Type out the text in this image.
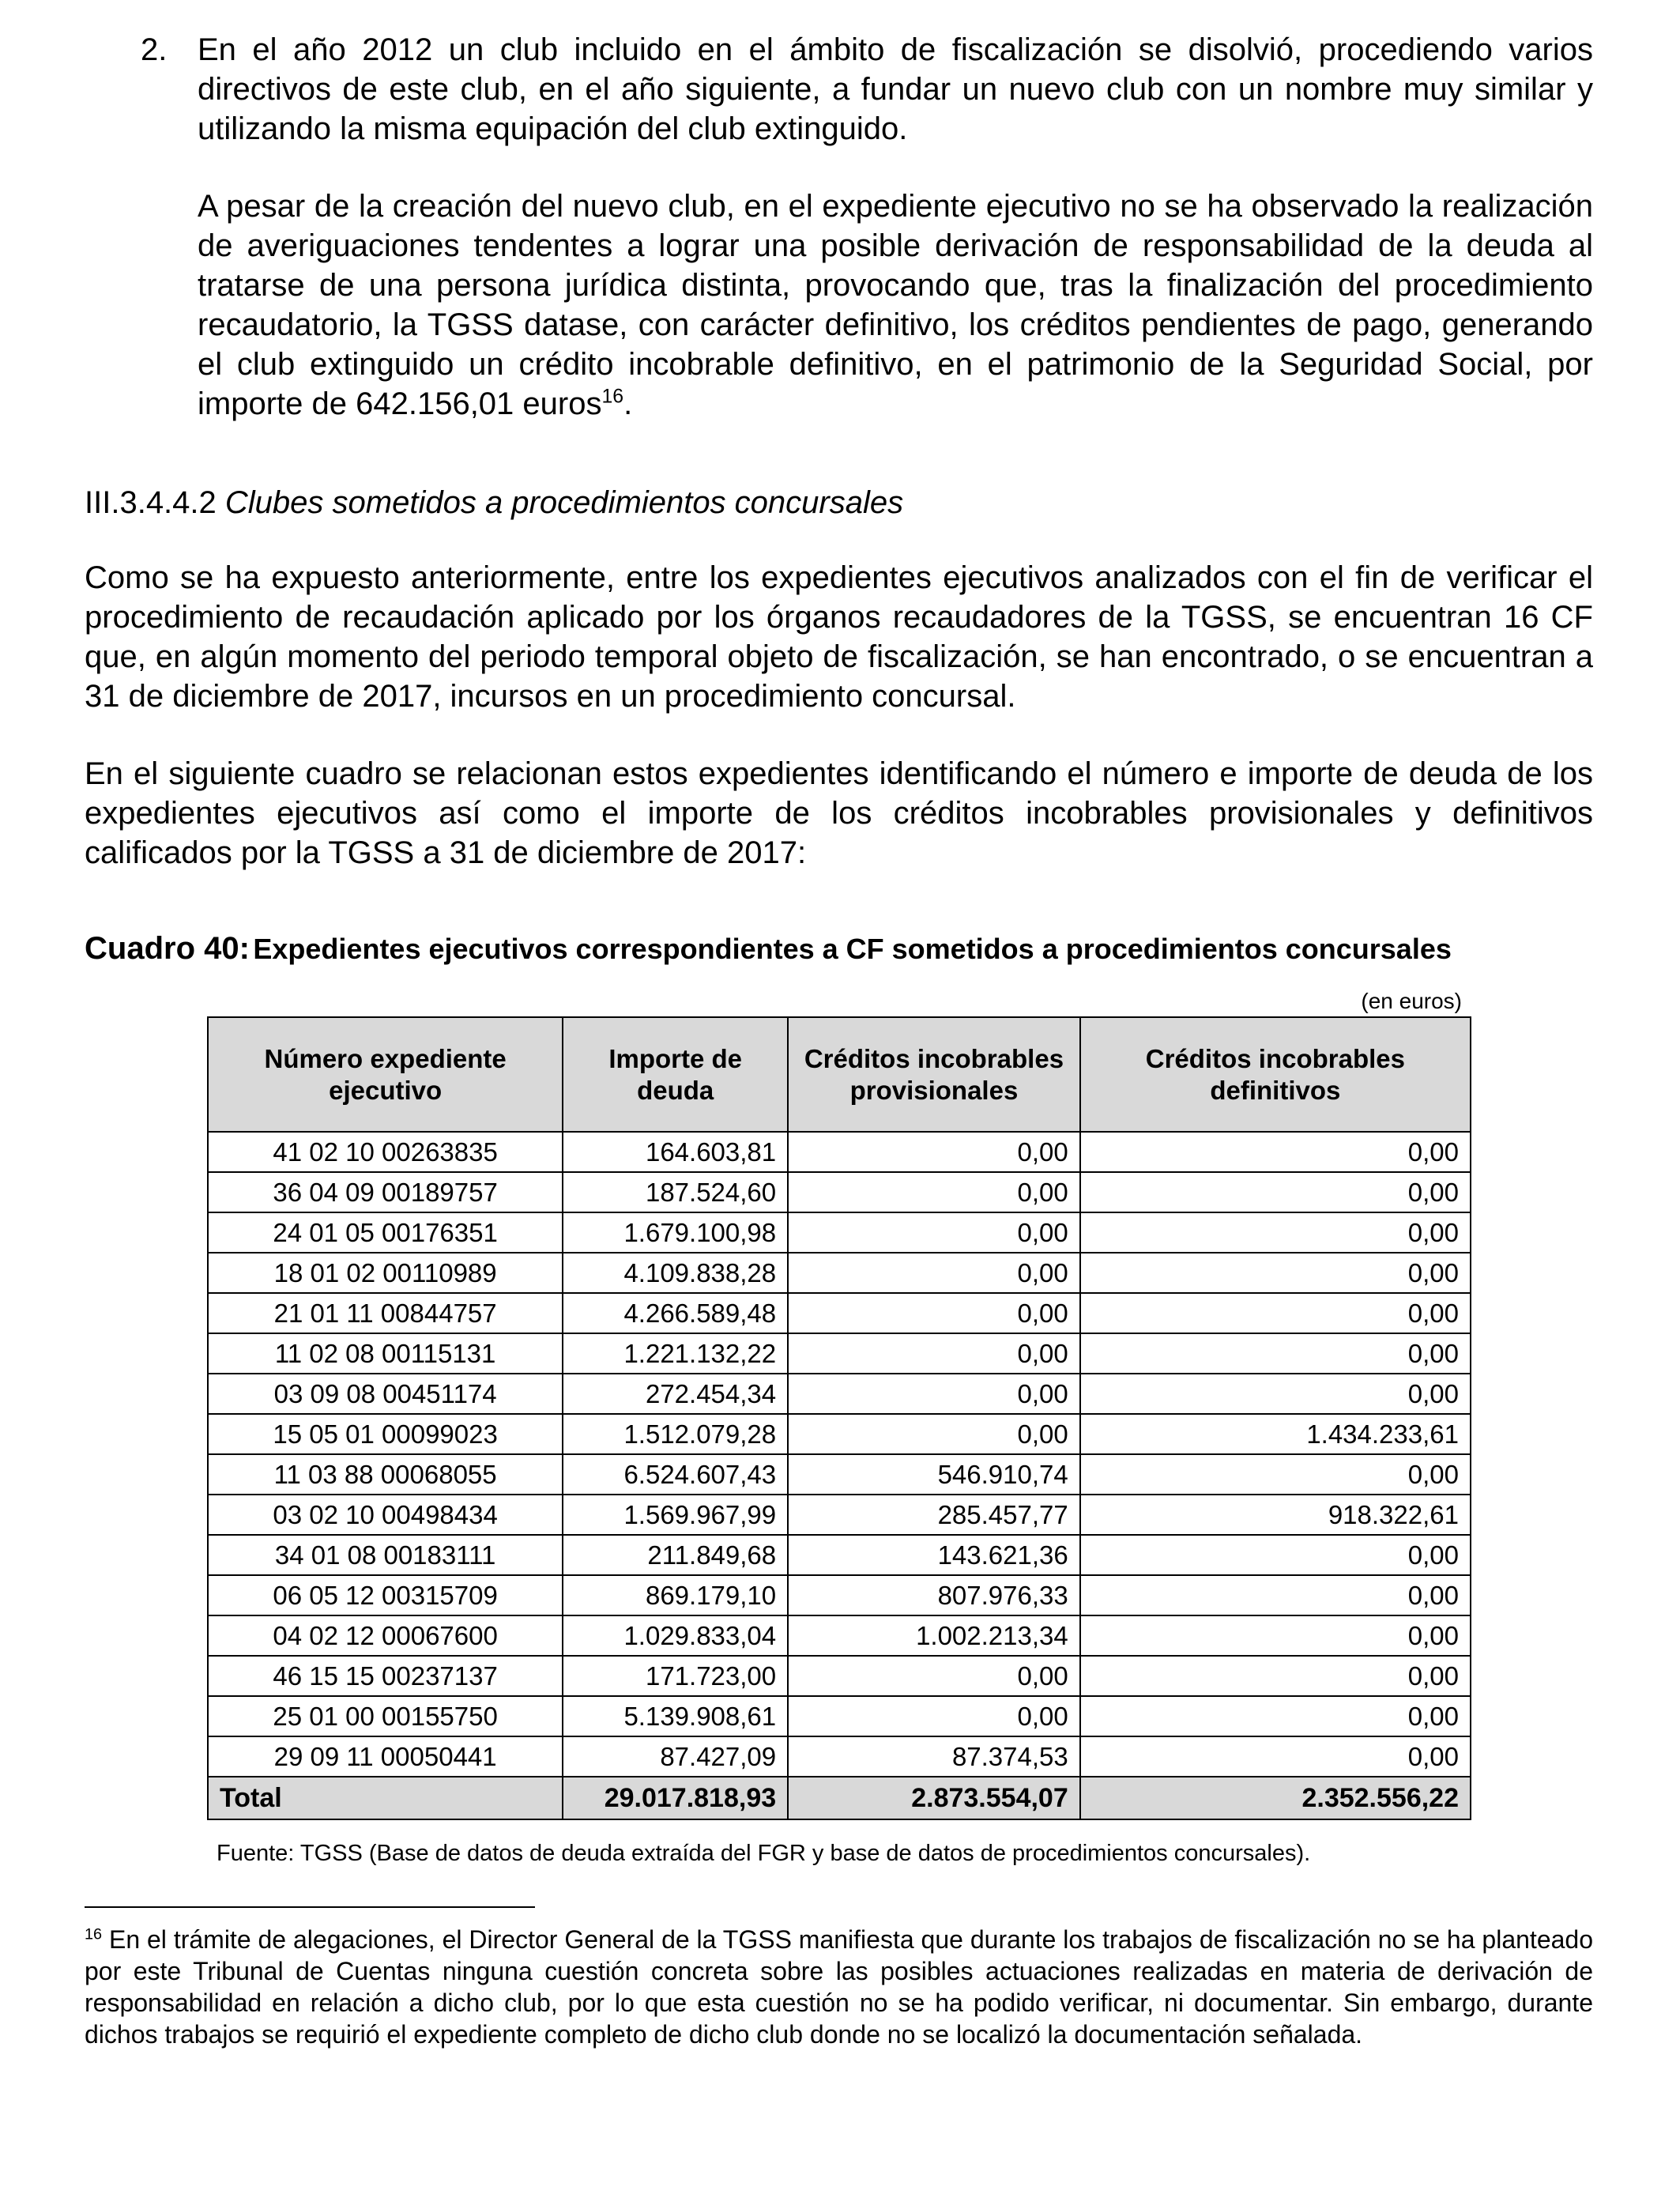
2. En el año 2012 un club incluido en el ámbito de fiscalización se disolvió, procediendo varios directivos de este club, en el año siguiente, a fundar un nuevo club con un nombre muy similar y utilizando la misma equipación del club extinguido.

A pesar de la creación del nuevo club, en el expediente ejecutivo no se ha observado la realización de averiguaciones tendentes a lograr una posible derivación de responsabilidad de la deuda al tratarse de una persona jurídica distinta, provocando que, tras la finalización del procedimiento recaudatorio, la TGSS datase, con carácter definitivo, los créditos pendientes de pago, generando el club extinguido un crédito incobrable definitivo, en el patrimonio de la Seguridad Social, por importe de 642.156,01 euros$^{16}$.

III.3.4.4.2 Clubes sometidos a procedimientos concursales

Como se ha expuesto anteriormente, entre los expedientes ejecutivos analizados con el fin de verificar el procedimiento de recaudación aplicado por los órganos recaudadores de la TGSS, se encuentran 16 CF que, en algún momento del periodo temporal objeto de fiscalización, se han encontrado, o se encuentran a 31 de diciembre de 2017, incursos en un procedimiento concursal.

En el siguiente cuadro se relacionan estos expedientes identificando el número e importe de deuda de los expedientes ejecutivos así como el importe de los créditos incobrables provisionales y definitivos calificados por la TGSS a 31 de diciembre de 2017:

Cuadro 40: Expedientes ejecutivos correspondientes a CF sometidos a procedimientos concursales

(en euros)

Número expediente ejecutivo	Importe de deuda	Créditos incobrables provisionales	Créditos incobrables definitivos
41 02 10 00263835	164.603,81	0,00	0,00
36 04 09 00189757	187.524,60	0,00	0,00
24 01 05 00176351	1.679.100,98	0,00	0,00
18 01 02 00110989	4.109.838,28	0,00	0,00
21 01 11 00844757	4.266.589,48	0,00	0,00
11 02 08 00115131	1.221.132,22	0,00	0,00
03 09 08 00451174	272.454,34	0,00	0,00
15 05 01 00099023	1.512.079,28	0,00	1.434.233,61
11 03 88 00068055	6.524.607,43	546.910,74	0,00
03 02 10 00498434	1.569.967,99	285.457,77	918.322,61
34 01 08 00183111	211.849,68	143.621,36	0,00
06 05 12 00315709	869.179,10	807.976,33	0,00
04 02 12 00067600	1.029.833,04	1.002.213,34	0,00
46 15 15 00237137	171.723,00	0,00	0,00
25 01 00 00155750	5.139.908,61	0,00	0,00
29 09 11 00050441	87.427,09	87.374,53	0,00
Total	29.017.818,93	2.873.554,07	2.352.556,22

Fuente: TGSS (Base de datos de deuda extraída del FGR y base de datos de procedimientos concursales).

$^{16}$ En el trámite de alegaciones, el Director General de la TGSS manifiesta que durante los trabajos de fiscalización no se ha planteado por este Tribunal de Cuentas ninguna cuestión concreta sobre las posibles actuaciones realizadas en materia de derivación de responsabilidad en relación a dicho club, por lo que esta cuestión no se ha podido verificar, ni documentar. Sin embargo, durante dichos trabajos se requirió el expediente completo de dicho club donde no se localizó la documentación señalada.
